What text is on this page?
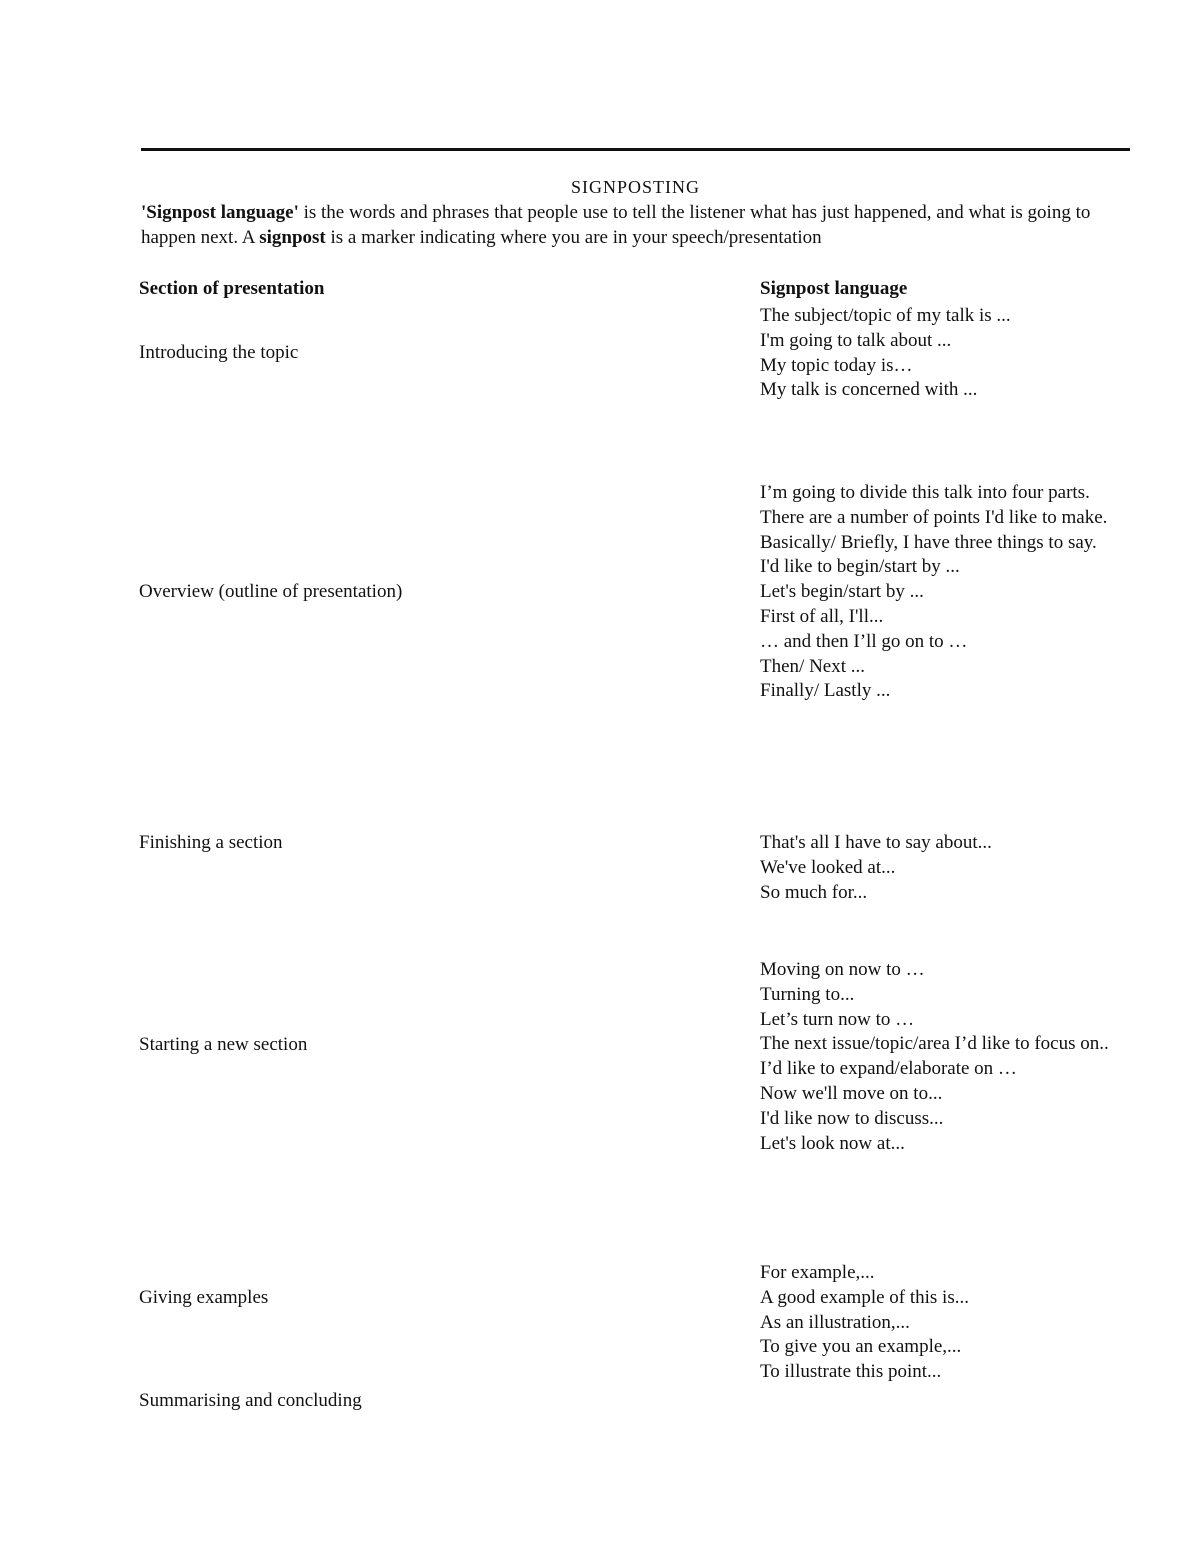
SIGNPOSTING
'Signpost language' is the words and phrases that people use to tell the listener what has just happened, and what is going to happen next. A signpost is a marker indicating where you are in your speech/presentation
Section of presentation	Signpost language
Introducing the topic
The subject/topic of my talk is ...
I'm going to talk about ...
My topic today is…
My talk is concerned with ...
Overview (outline of presentation)
I’m going to divide this talk into four parts.
There are a number of points I'd like to make.
Basically/ Briefly, I have three things to say.
I'd like to begin/start by ...
Let's begin/start by ...
First of all, I'll...
… and then I’ll go on to …
Then/ Next ...
Finally/ Lastly ...
Finishing a section	That's all I have to say about...
We've looked at...
So much for...
Starting a new section
Moving on now to …
Turning to...
Let’s turn now to …
The next issue/topic/area I’d like to focus on..
I’d like to expand/elaborate on …
Now we'll move on to...
I'd like now to discuss...
Let's look now at...
Giving examples
For example,...
A good example of this is...
As an illustration,...
To give you an example,...
To illustrate this point...
Summarising and concluding
